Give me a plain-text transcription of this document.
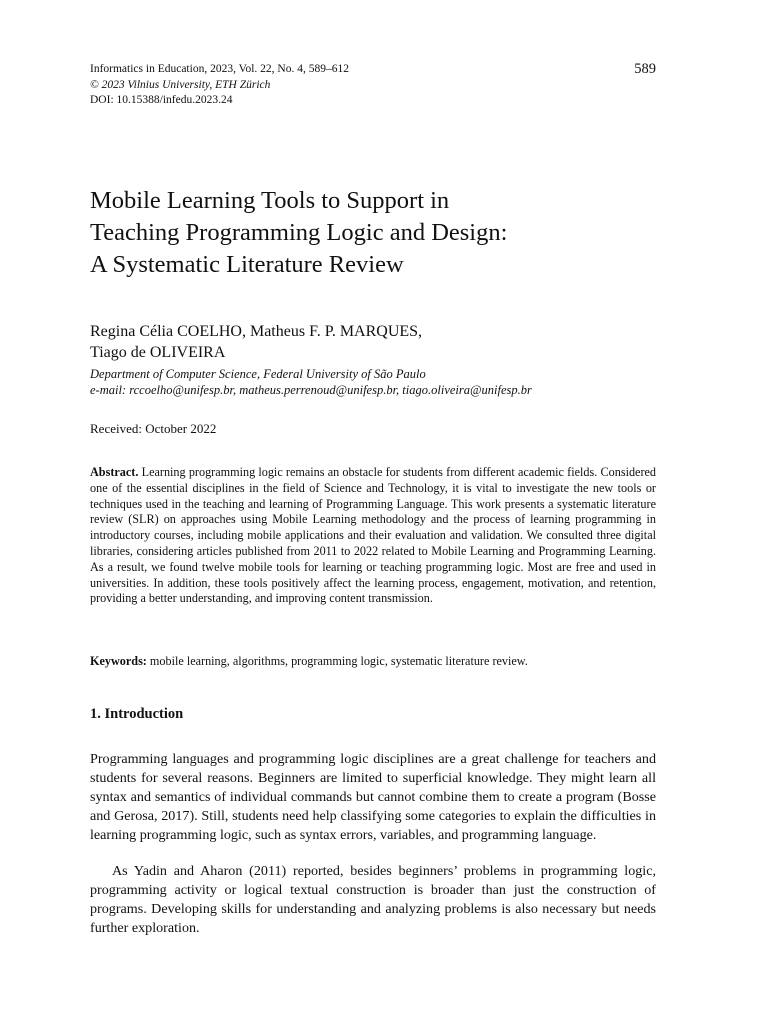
Informatics in Education, 2023, Vol. 22, No. 4, 589–612
© 2023 Vilnius University, ETH Zürich
DOI: 10.15388/infedu.2023.24
589
Mobile Learning Tools to Support in
Teaching Programming Logic and Design:
A Systematic Literature Review
Regina Célia COELHO, Matheus F. P. MARQUES,
Tiago de OLIVEIRA
Department of Computer Science, Federal University of São Paulo
e-mail: rccoelho@unifesp.br, matheus.perrenoud@unifesp.br, tiago.oliveira@unifesp.br
Received: October 2022

Abstract. Learning programming logic remains an obstacle for students from different academic fields. Considered one of the essential disciplines in the field of Science and Technology, it is vital to investigate the new tools or techniques used in the teaching and learning of Programming Language. This work presents a systematic literature review (SLR) on approaches using Mobile Learning methodology and the process of learning programming in introductory courses, including mobile applications and their evaluation and validation. We consulted three digital libraries, considering articles published from 2011 to 2022 related to Mobile Learning and Programming Learning. As a result, we found twelve mobile tools for learning or teaching programming logic. Most are free and used in universities. In addition, these tools positively affect the learning process, engagement, motivation, and retention, providing a better understanding, and improving content transmission.

Keywords: mobile learning, algorithms, programming logic, systematic literature review.

1. Introduction

Programming languages and programming logic disciplines are a great challenge for teachers and students for several reasons. Beginners are limited to superficial knowledge. They might learn all syntax and semantics of individual commands but cannot combine them to create a program (Bosse and Gerosa, 2017). Still, students need help classifying some categories to explain the difficulties in learning programming logic, such as syntax errors, variables, and programming language.

As Yadin and Aharon (2011) reported, besides beginners’ problems in programming logic, programming activity or logical textual construction is broader than just the construction of programs. Developing skills for understanding and analyzing problems is also necessary but needs further exploration.
